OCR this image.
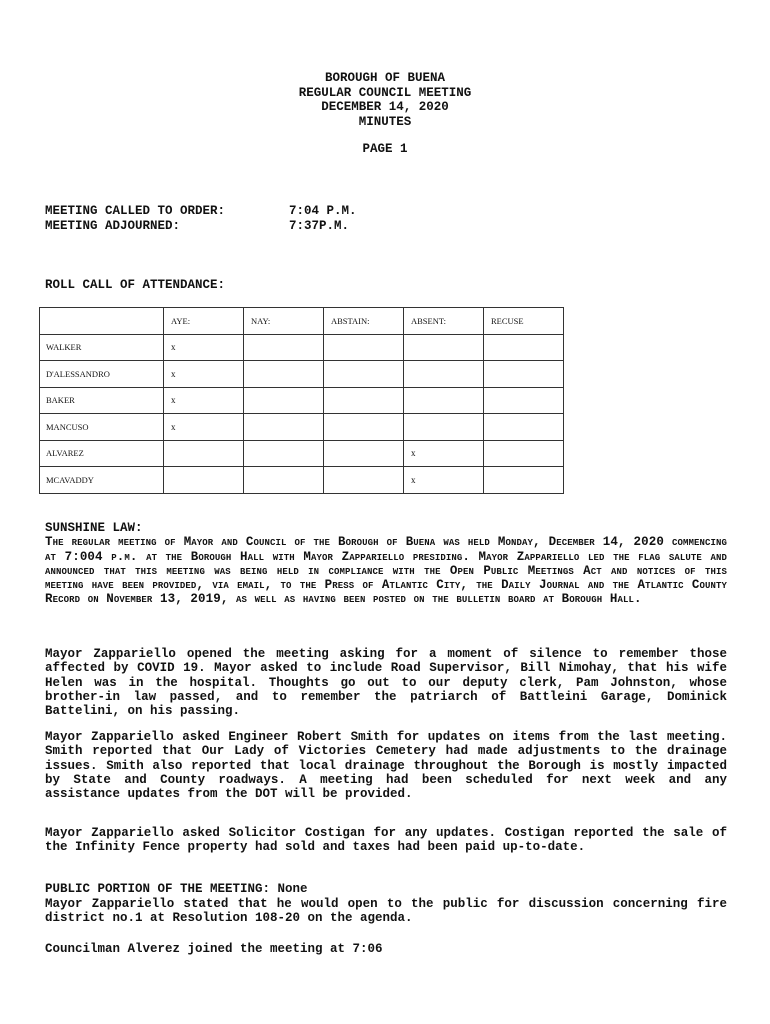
BOROUGH OF BUENA
REGULAR COUNCIL MEETING
DECEMBER 14, 2020
MINUTES
PAGE 1
MEETING CALLED TO ORDER:	7:04 P.M.
MEETING ADJOURNED:	7:37P.M.
ROLL CALL OF ATTENDANCE:
	AYE:	NAY:	ABSTAIN:	ABSENT:	RECUSE
WALKER	x				
D'ALESSANDRO	x				
BAKER	x				
MANCUSO	x				
ALVAREZ				x	
MCAVADDY				x	
SUNSHINE LAW:
The regular meeting of Mayor and Council of the Borough of Buena was held Monday, December 14, 2020 commencing at 7:004 p.m. at the Borough Hall with Mayor Zappariello presiding. Mayor Zappariello led the flag salute and announced that this meeting was being held in compliance with the Open Public Meetings Act and notices of this meeting have been provided, via email, to the Press of Atlantic City, the Daily Journal and the Atlantic County Record on November 13, 2019, as well as having been posted on the bulletin board at Borough Hall.
Mayor Zappariello opened the meeting asking for a moment of silence to remember those affected by COVID 19. Mayor asked to include Road Supervisor, Bill Nimohay, that his wife Helen was in the hospital. Thoughts go out to our deputy clerk, Pam Johnston, whose brother-in law passed, and to remember the patriarch of Battleini Garage, Dominick Battelini, on his passing.
Mayor Zappariello asked Engineer Robert Smith for updates on items from the last meeting. Smith reported that Our Lady of Victories Cemetery had made adjustments to the drainage issues. Smith also reported that local drainage throughout the Borough is mostly impacted by State and County roadways. A meeting had been scheduled for next week and any assistance updates from the DOT will be provided.
Mayor Zappariello asked Solicitor Costigan for any updates. Costigan reported the sale of the Infinity Fence property had sold and taxes had been paid up-to-date.
PUBLIC PORTION OF THE MEETING: None
Mayor Zappariello stated that he would open to the public for discussion concerning fire district no.1 at Resolution 108-20 on the agenda.
Councilman Alverez joined the meeting at 7:06
